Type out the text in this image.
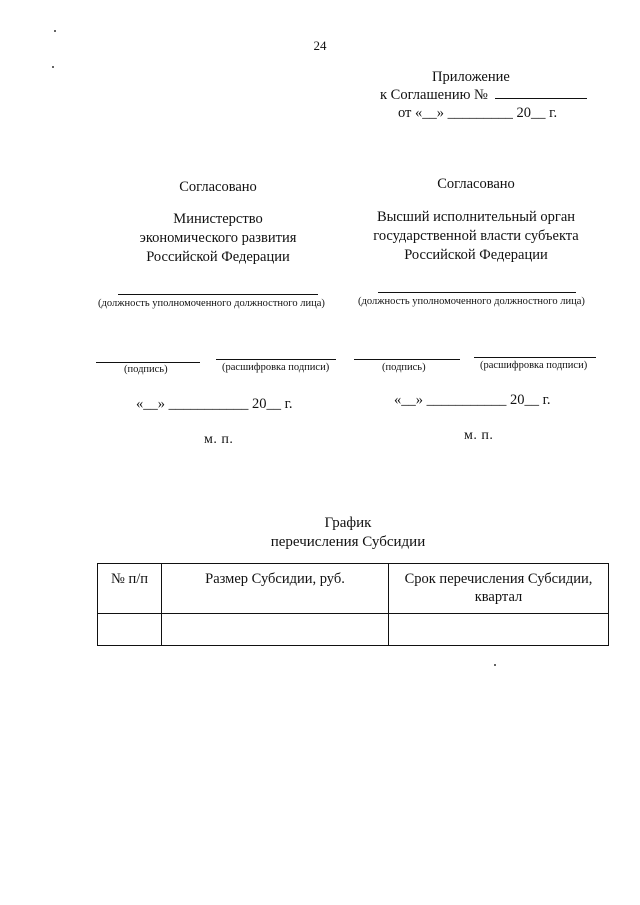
24
Приложение
к Соглашению №
от «__» _________ 20__ г.
Согласовано
Министерство
экономического развития
Российской Федерации
(должность уполномоченного должностного лица)
(подпись)	(расшифровка подписи)
«__» ___________ 20__ г.
м. п.
Согласовано
Высший исполнительный орган
государственной власти субъекта
Российской Федерации
(должность уполномоченного должностного лица)
(подпись)	(расшифровка подписи)
«__» ___________ 20__ г.
м. п.
График
перечисления Субсидии
№ п/п	Размер Субсидии, руб.	Срок перечисления Субсидии, квартал
